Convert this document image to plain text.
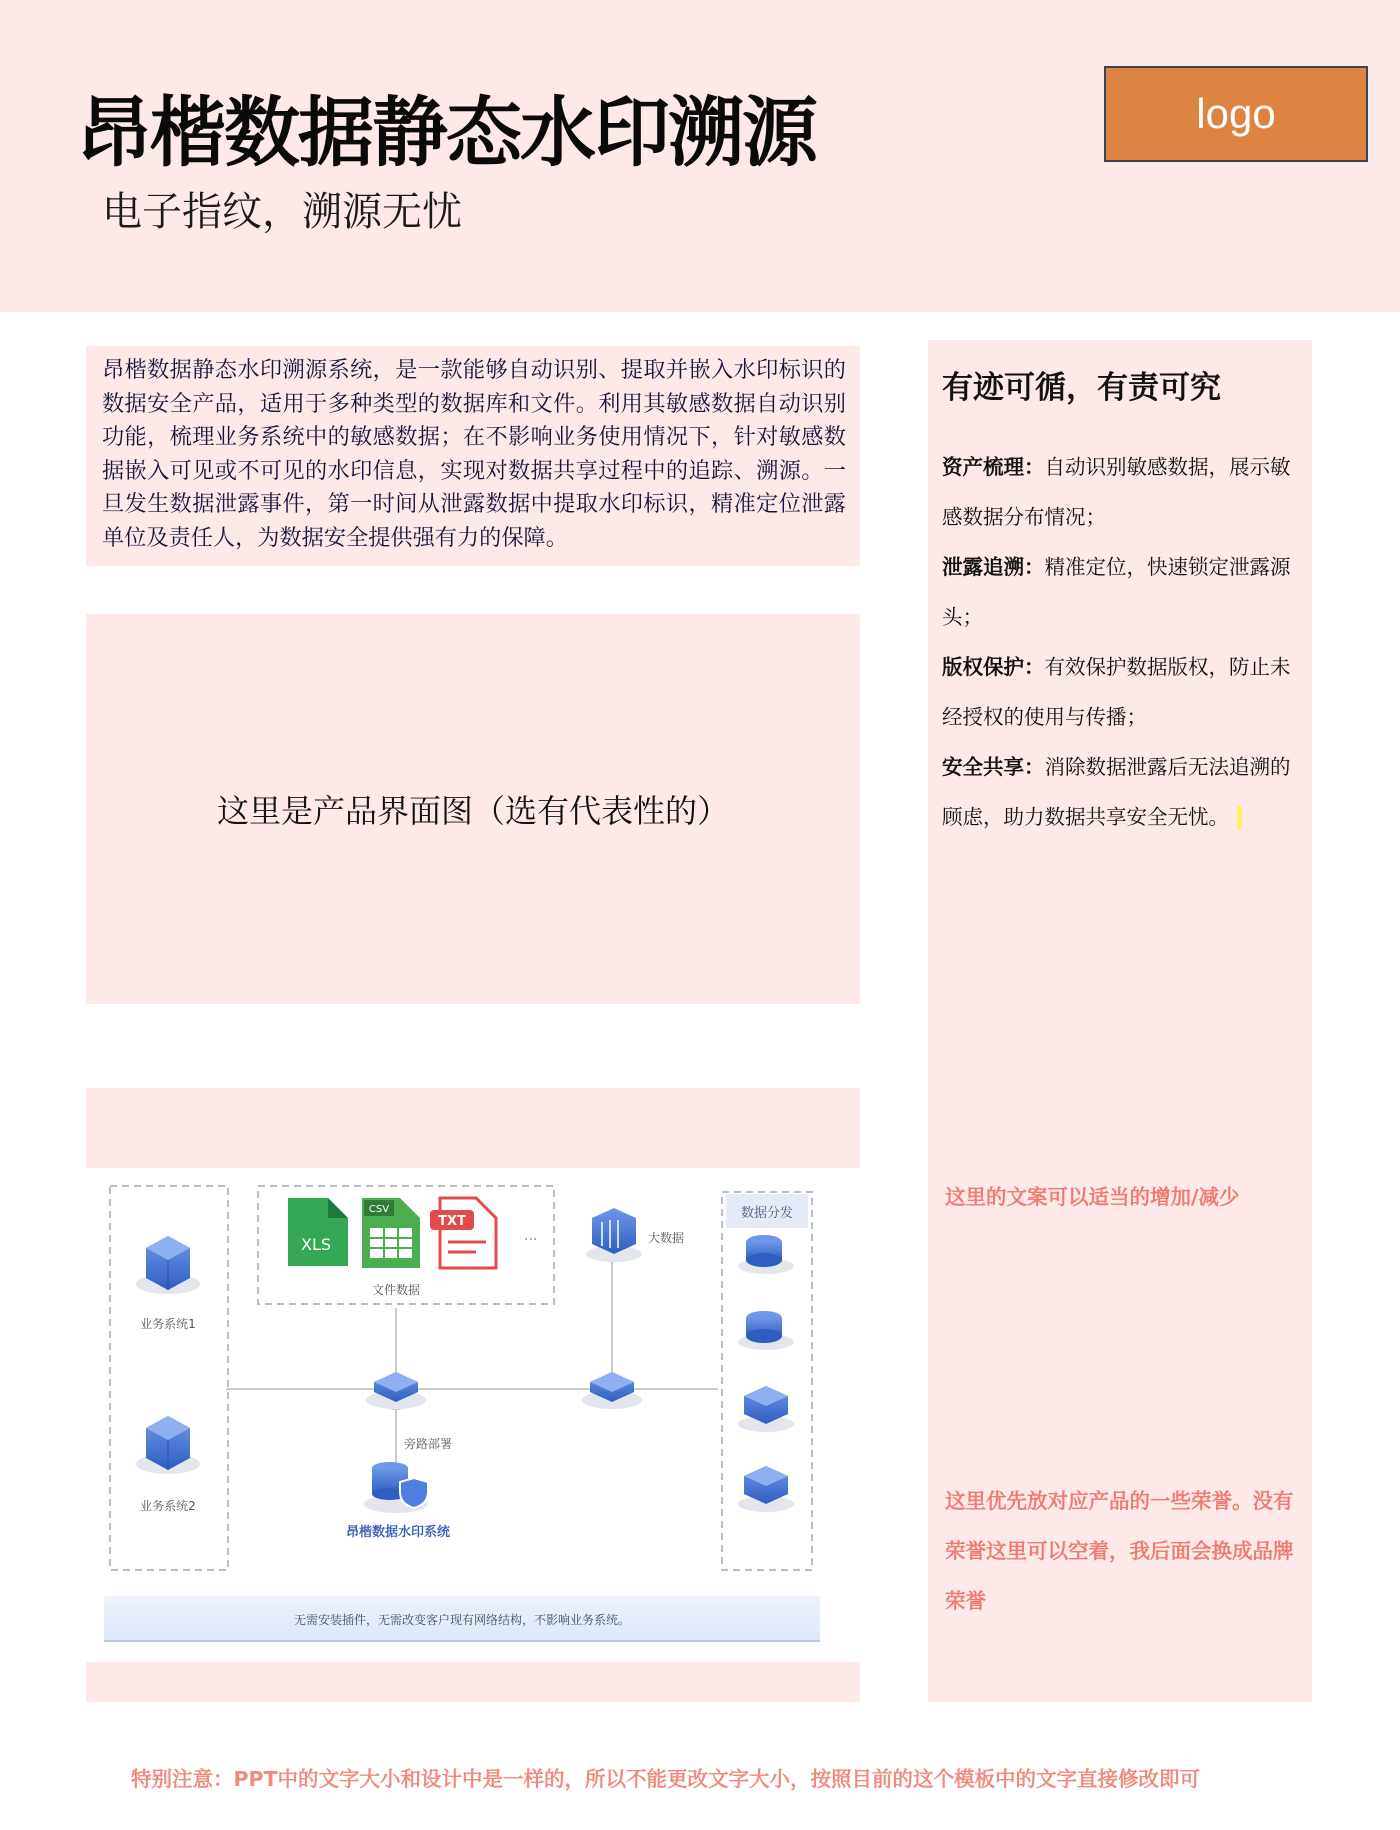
昂楷数据静态水印溯源
电子指纹，溯源无忧
logo

昂楷数据静态水印溯源系统，是一款能够自动识别、提取并嵌入水印标识的数据安全产品，适用于多种类型的数据库和文件。利用其敏感数据自动识别功能，梳理业务系统中的敏感数据；在不影响业务使用情况下，针对敏感数据嵌入可见或不可见的水印信息，实现对数据共享过程中的追踪、溯源。一旦发生数据泄露事件，第一时间从泄露数据中提取水印标识，精准定位泄露单位及责任人，为数据安全提供强有力的保障。

这里是产品界面图（选有代表性的）
数据分发
业务系统1
业务系统2
XLS
CSV
TXT
...
文件数据
大数据
旁路部署
昂楷数据水印系统
无需安装插件，无需改变客户现有网络结构，不影响业务系统。
有迹可循，有责可究
资产梳理：自动识别敏感数据，展示敏感数据分布情况；
泄露追溯：精准定位，快速锁定泄露源头；
版权保护：有效保护数据版权，防止未经授权的使用与传播；
安全共享：消除数据泄露后无法追溯的顾虑，助力数据共享安全无忧。
这里的文案可以适当的增加/减少
这里优先放对应产品的一些荣誉。没有荣誉这里可以空着，我后面会换成品牌荣誉
特别注意：PPT中的文字大小和设计中是一样的，所以不能更改文字大小，按照目前的这个模板中的文字直接修改即可
